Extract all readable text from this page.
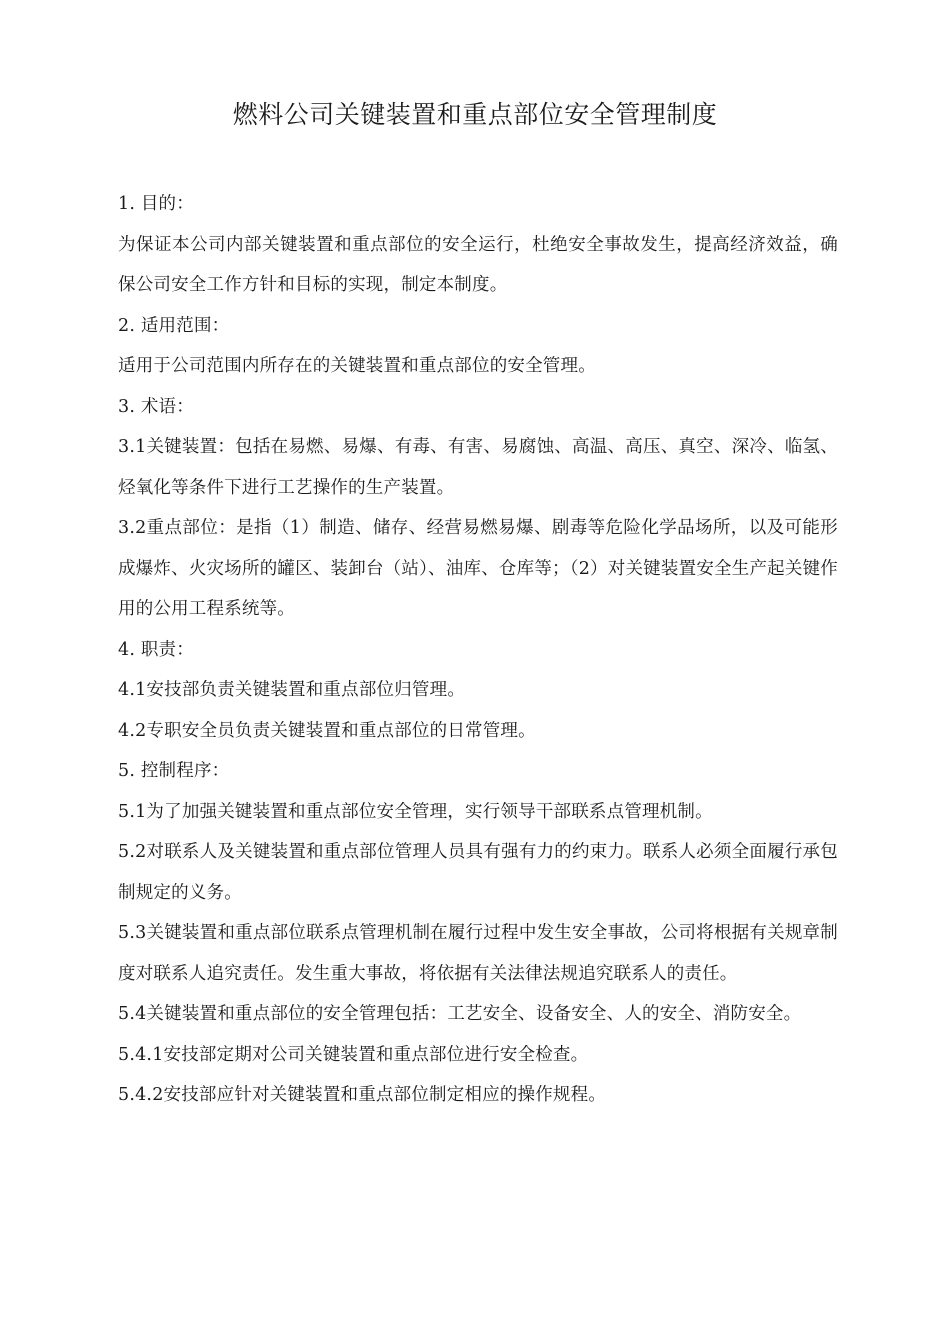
燃料公司关键装置和重点部位安全管理制度

1. 目的：

为保证本公司内部关键装置和重点部位的安全运行，杜绝安全事故发生，提高经济效益，确保公司安全工作方针和目标的实现，制定本制度。

2. 适用范围：

适用于公司范围内所存在的关键装置和重点部位的安全管理。

3. 术语：

3.1关键装置：包括在易燃、易爆、有毒、有害、易腐蚀、高温、高压、真空、深冷、临氢、烃氧化等条件下进行工艺操作的生产装置。

3.2重点部位：是指（1）制造、储存、经营易燃易爆、剧毒等危险化学品场所，以及可能形成爆炸、火灾场所的罐区、装卸台（站）、油库、仓库等；（2）对关键装置安全生产起关键作用的公用工程系统等。

4. 职责：

4.1安技部负责关键装置和重点部位归管理。

4.2专职安全员负责关键装置和重点部位的日常管理。

5. 控制程序：

5.1为了加强关键装置和重点部位安全管理，实行领导干部联系点管理机制。

5.2对联系人及关键装置和重点部位管理人员具有强有力的约束力。联系人必须全面履行承包制规定的义务。

5.3关键装置和重点部位联系点管理机制在履行过程中发生安全事故，公司将根据有关规章制度对联系人追究责任。发生重大事故，将依据有关法律法规追究联系人的责任。

5.4关键装置和重点部位的安全管理包括：工艺安全、设备安全、人的安全、消防安全。

5.4.1安技部定期对公司关键装置和重点部位进行安全检查。

5.4.2安技部应针对关键装置和重点部位制定相应的操作规程。
